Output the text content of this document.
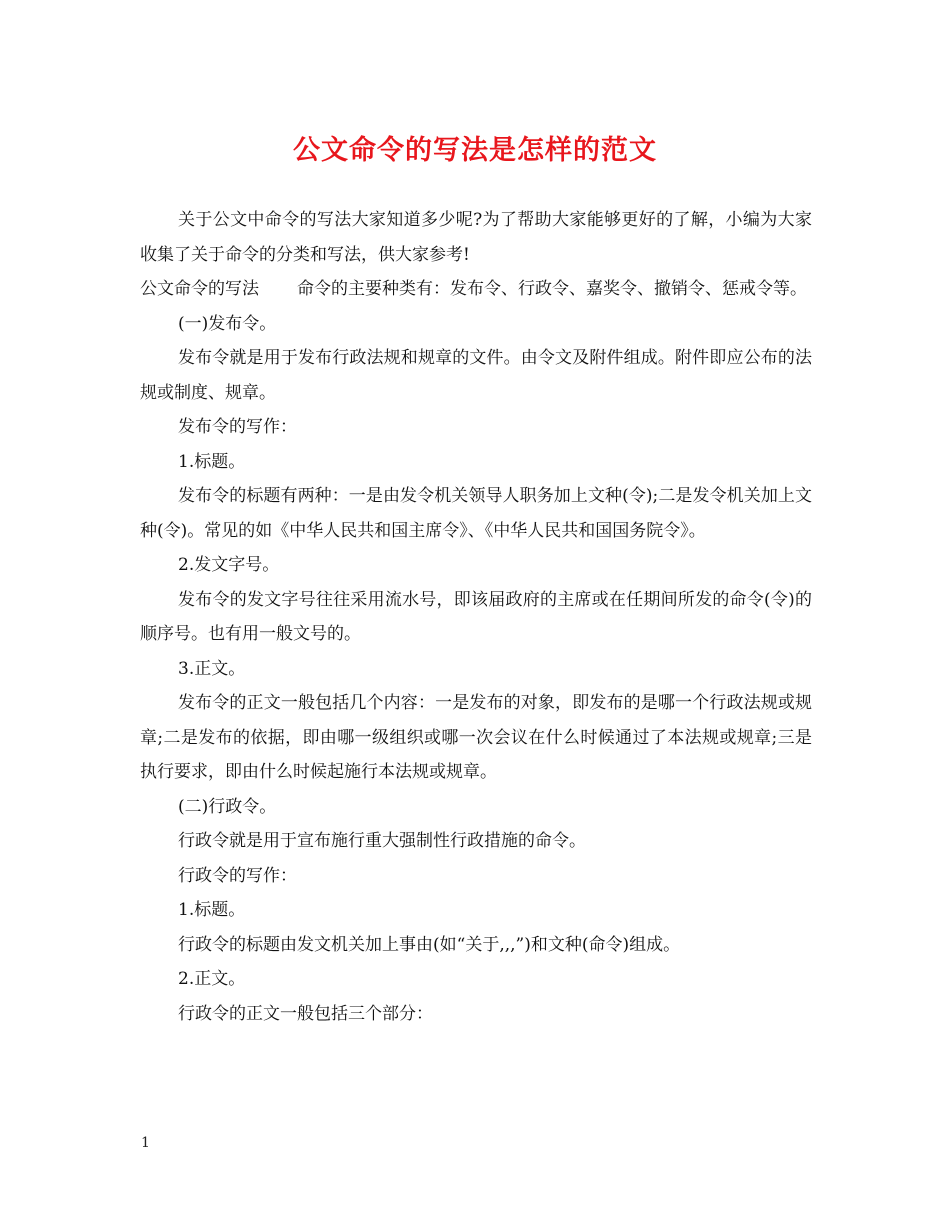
公文命令的写法是怎样的范文

关于公文中命令的写法大家知道多少呢?为了帮助大家能够更好的了解，小编为大家收集了关于命令的分类和写法，供大家参考!

公文命令的写法 命令的主要种类有：发布令、行政令、嘉奖令、撤销令、惩戒令等。

(一)发布令。

发布令就是用于发布行政法规和规章的文件。由令文及附件组成。附件即应公布的法规或制度、规章。

发布令的写作：

1.标题。

发布令的标题有两种：一是由发令机关领导人职务加上文种(令);二是发令机关加上文种(令)。常见的如《中华人民共和国主席令》、《中华人民共和国国务院令》。

2.发文字号。

发布令的发文字号往往采用流水号，即该届政府的主席或在任期间所发的命令(令)的顺序号。也有用一般文号的。

3.正文。

发布令的正文一般包括几个内容：一是发布的对象，即发布的是哪一个行政法规或规章;二是发布的依据，即由哪一级组织或哪一次会议在什么时候通过了本法规或规章;三是执行要求，即由什么时候起施行本法规或规章。

(二)行政令。

行政令就是用于宣布施行重大强制性行政措施的命令。

行政令的写作：

1.标题。

行政令的标题由发文机关加上事由(如“关于,,,”)和文种(命令)组成。

2.正文。

行政令的正文一般包括三个部分：

1
